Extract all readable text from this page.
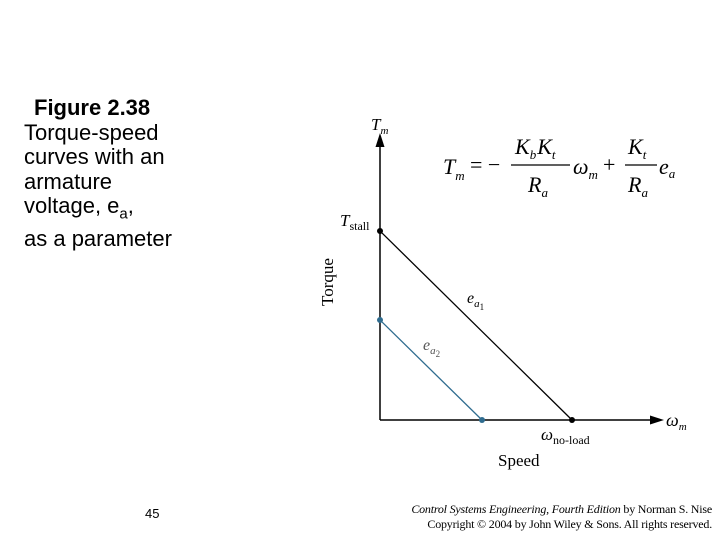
Figure 2.38
Torque-speed
curves with an
armature
voltage, $e_a$,
as a parameter
$T_m$
$\omega_m$
Torque
Speed
$T_{stall}$
$\omega_{no-load}$
$e_a1$
$e_a2$
$T_m$ = −
$K_bK_t$
$R_a$
$\omega_m$ +
$K_t$
$R_a$
ea
45	Control Systems Engineering, Fourth Edition by Norman S. Nise
Copyright © 2004 by John Wiley & Sons. All rights reserved.
